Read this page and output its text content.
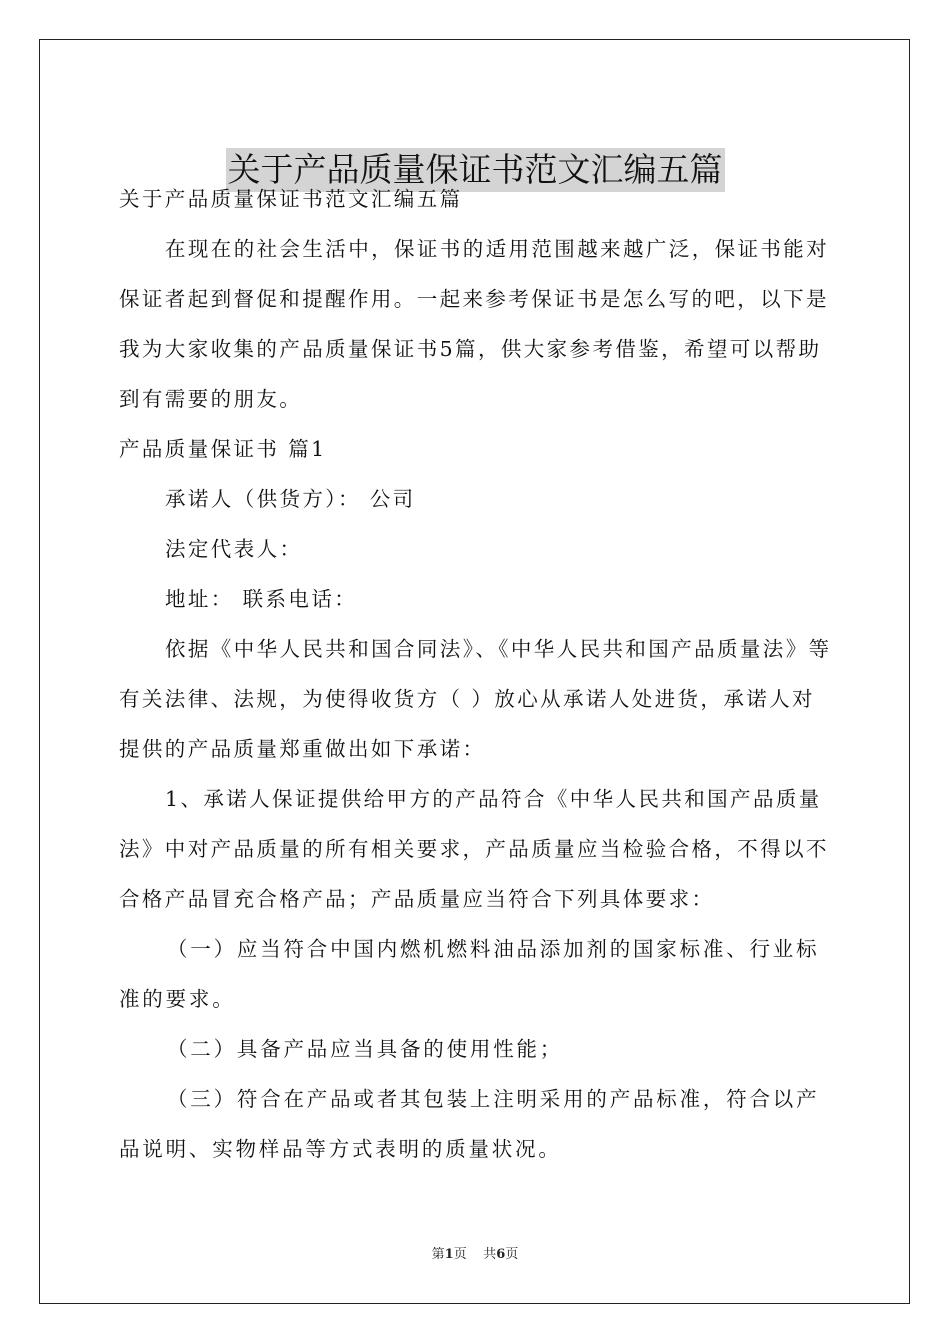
关于产品质量保证书范文汇编五篇

关于产品质量保证书范文汇编五篇

在现在的社会生活中，保证书的适用范围越来越广泛，保证书能对保证者起到督促和提醒作用。一起来参考保证书是怎么写的吧，以下是我为大家收集的产品质量保证书5篇，供大家参考借鉴，希望可以帮助到有需要的朋友。

产品质量保证书 篇1

承诺人（供货方）： 公司

法定代表人：

地址： 联系电话：

依据《中华人民共和国合同法》、《中华人民共和国产品质量法》等有关法律、法规，为使得收货方（ ）放心从承诺人处进货，承诺人对提供的产品质量郑重做出如下承诺：

1、承诺人保证提供给甲方的产品符合《中华人民共和国产品质量法》中对产品质量的所有相关要求，产品质量应当检验合格，不得以不合格产品冒充合格产品；产品质量应当符合下列具体要求：

（一）应当符合中国内燃机燃料油品添加剂的国家标准、行业标准的要求。

（二）具备产品应当具备的使用性能；

（三）符合在产品或者其包装上注明采用的产品标准，符合以产品说明、实物样品等方式表明的质量状况。

第1页 共6页
